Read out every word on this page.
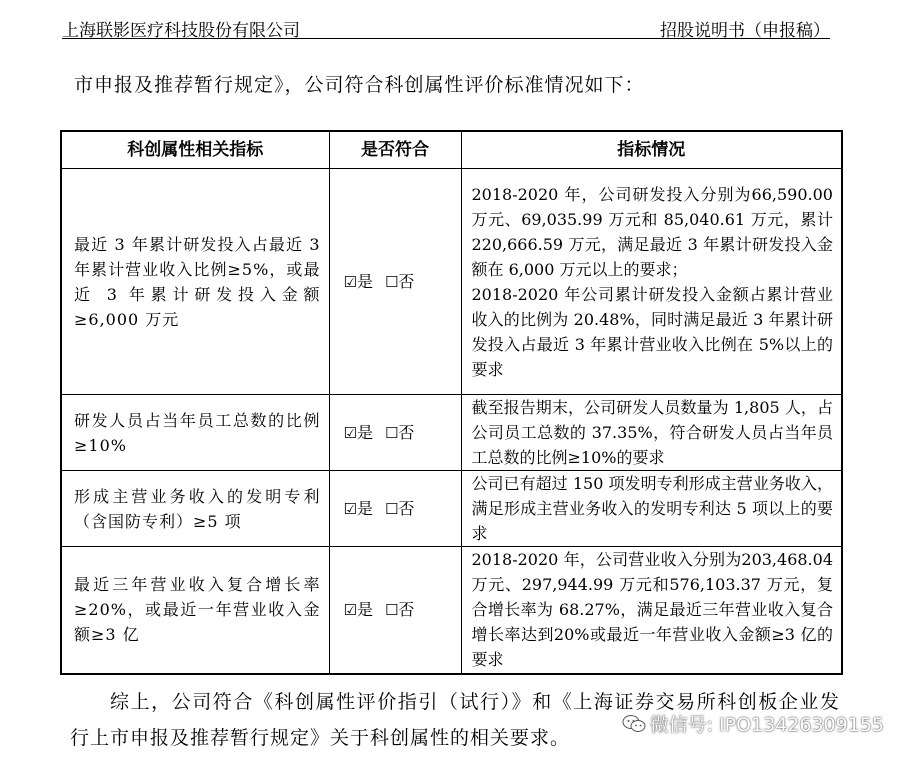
上海联影医疗科技股份有限公司	招股说明书（申报稿）
市申报及推荐暂行规定》，公司符合科创属性评价标准情况如下：
科创属性相关指标	是否符合	指标情况
最近 3 年累计研发投入占最近 3 年累计营业收入比例≥5%，或最近 3 年累计研发投入金额≥6,000 万元	☑是 ☐否	2018-2020 年，公司研发投入分别为66,590.00 万元、69,035.99 万元和 85,040.61 万元，累计 220,666.59 万元，满足最近 3 年累计研发投入金额在 6,000 万元以上的要求；
2018-2020 年公司累计研发投入金额占累计营业收入的比例为 20.48%，同时满足最近 3 年累计研发投入占最近 3 年累计营业收入比例在 5%以上的要求

研发人员占当年员工总数的比例≥10%	☑是 ☐否	截至报告期末，公司研发人员数量为 1,805 人，占公司员工总数的 37.35%，符合研发人员占当年员工总数的比例≥10%的要求
形成主营业务收入的发明专利（含国防专利）≥5 项	☑是 ☐否	公司已有超过 150 项发明专利形成主营业务收入，满足形成主营业务收入的发明专利达 5 项以上的要求
最近三年营业收入复合增长率≥20%，或最近一年营业收入金额≥3 亿	☑是 ☐否	2018-2020 年，公司营业收入分别为203,468.04 万元、297,944.99 万元和576,103.37 万元，复合增长率为 68.27%，满足最近三年营业收入复合增长率达到20%或最近一年营业收入金额≥3 亿的要求
综上，公司符合《科创属性评价指引（试行）》和《上海证券交易所科创板企业发行上市申报及推荐暂行规定》关于科创属性的相关要求。
微信号: IPO13426309155
